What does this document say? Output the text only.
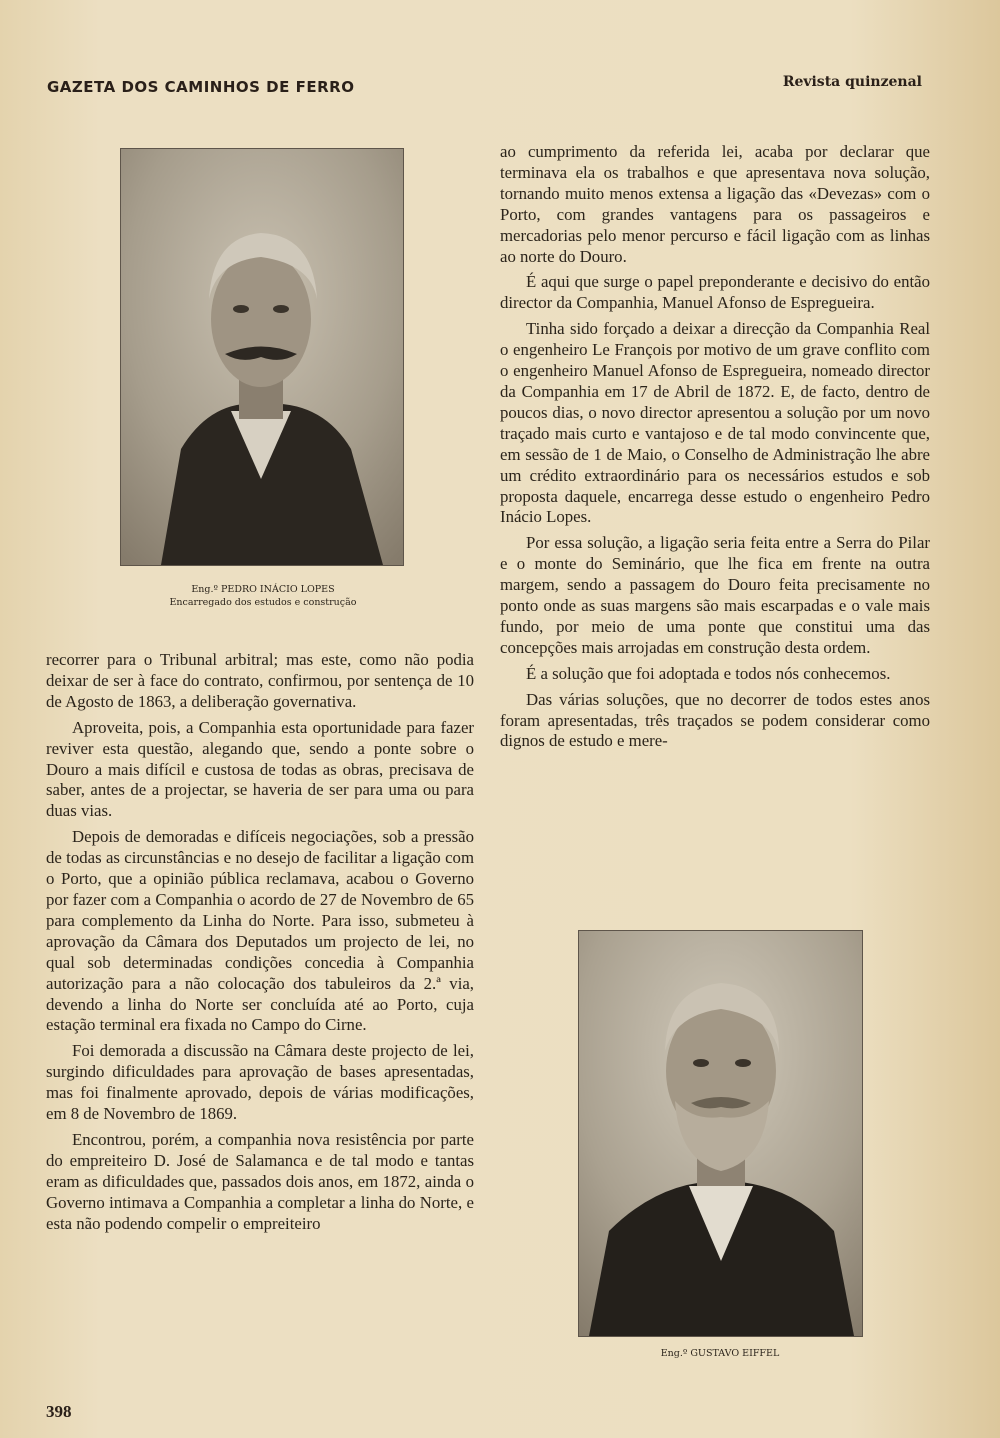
GAZETA DOS CAMINHOS DE FERRO	Revista quinzenal
Eng.º PEDRO INÁCIO LOPES
Encarregado dos estudos e construção

recorrer para o Tribunal arbitral; mas este, como não podia deixar de ser à face do contrato, confirmou, por sentença de 10 de Agosto de 1863, a deliberação governativa.

Aproveita, pois, a Companhia esta oportunidade para fazer reviver esta questão, alegando que, sendo a ponte sobre o Douro a mais difícil e custosa de todas as obras, precisava de saber, antes de a projectar, se haveria de ser para uma ou para duas vias.

Depois de demoradas e difíceis negociações, sob a pressão de todas as circunstâncias e no desejo de facilitar a ligação com o Porto, que a opinião pública reclamava, acabou o Governo por fazer com a Companhia o acordo de 27 de Novembro de 65 para complemento da Linha do Norte. Para isso, submeteu à aprovação da Câmara dos Deputados um projecto de lei, no qual sob determinadas condições concedia à Companhia autorização para a não colocação dos tabuleiros da 2.ª via, devendo a linha do Norte ser concluída até ao Porto, cuja estação terminal era fixada no Campo do Cirne.

Foi demorada a discussão na Câmara deste projecto de lei, surgindo dificuldades para aprovação de bases apresentadas, mas foi finalmente aprovado, depois de várias modificações, em 8 de Novembro de 1869.

Encontrou, porém, a companhia nova resistência por parte do empreiteiro D. José de Salamanca e de tal modo e tantas eram as dificuldades que, passados dois anos, em 1872, ainda o Governo intimava a Companhia a completar a linha do Norte, e esta não podendo compelir o empreiteiro

ao cumprimento da referida lei, acaba por declarar que terminava ela os trabalhos e que apresentava nova solução, tornando muito menos extensa a ligação das «Devezas» com o Porto, com grandes vantagens para os passageiros e mercadorias pelo menor percurso e fácil ligação com as linhas ao norte do Douro.

É aqui que surge o papel preponderante e decisivo do então director da Companhia, Manuel Afonso de Espregueira.

Tinha sido forçado a deixar a direcção da Companhia Real o engenheiro Le François por motivo de um grave conflito com o engenheiro Manuel Afonso de Espregueira, nomeado director da Companhia em 17 de Abril de 1872. E, de facto, dentro de poucos dias, o novo director apresentou a solução por um novo traçado mais curto e vantajoso e de tal modo convincente que, em sessão de 1 de Maio, o Conselho de Administração lhe abre um crédito extraordinário para os necessários estudos e sob proposta daquele, encarrega desse estudo o engenheiro Pedro Inácio Lopes.

Por essa solução, a ligação seria feita entre a Serra do Pilar e o monte do Seminário, que lhe fica em frente na outra margem, sendo a passagem do Douro feita precisamente no ponto onde as suas margens são mais escarpadas e o vale mais fundo, por meio de uma ponte que constitui uma das concepções mais arrojadas em construção desta ordem.

É a solução que foi adoptada e todos nós conhecemos.

Das várias soluções, que no decorrer de todos estes anos foram apresentadas, três traçados se podem considerar como dignos de estudo e mere-

Eng.º GUSTAVO EIFFEL
398
